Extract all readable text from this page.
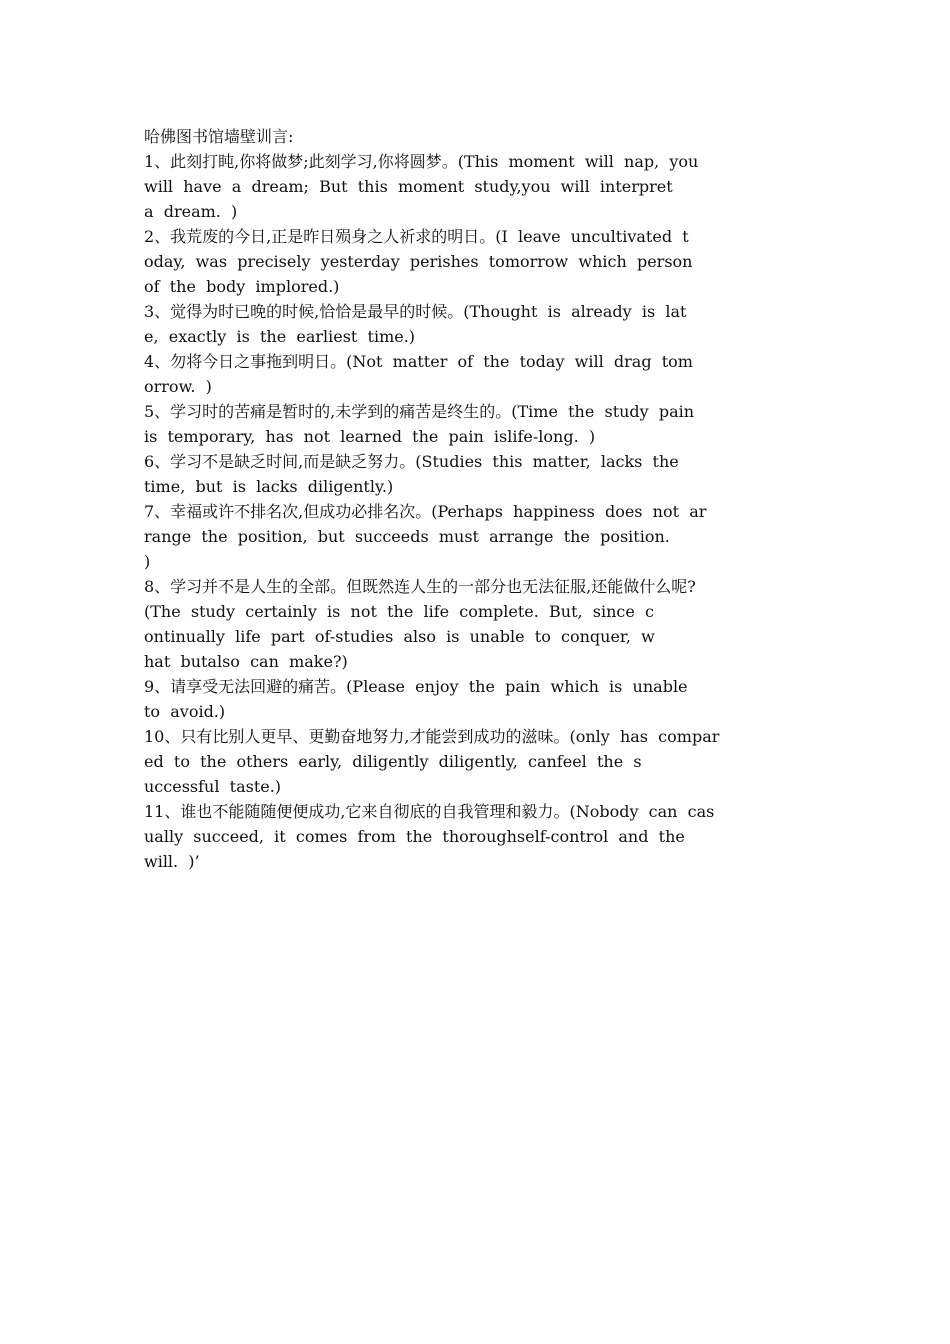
哈佛图书馆墙壁训言:
1、此刻打盹,你将做梦;此刻学习,你将圆梦。(This  moment  will  nap,  you
will  have  a  dream;  But  this  moment  study,you  will  interpret
a  dream.  )
2、我荒废的今日,正是昨日殒身之人祈求的明日。(I  leave  uncultivated  t
oday,  was  precisely  yesterday  perishes  tomorrow  which  person
of  the  body  implored.)
3、觉得为时已晚的时候,恰恰是最早的时候。(Thought  is  already  is  lat
e,  exactly  is  the  earliest  time.)
4、勿将今日之事拖到明日。(Not  matter  of  the  today  will  drag  tom
orrow.  )
5、学习时的苦痛是暂时的,未学到的痛苦是终生的。(Time  the  study  pain
is  temporary,  has  not  learned  the  pain  islife-long.  )
6、学习不是缺乏时间,而是缺乏努力。(Studies  this  matter,  lacks  the
time,  but  is  lacks  diligently.)
7、幸福或许不排名次,但成功必排名次。(Perhaps  happiness  does  not  ar
range  the  position,  but  succeeds  must  arrange  the  position.
)
8、学习并不是人生的全部。但既然连人生的一部分也无法征服,还能做什么呢?
(The  study  certainly  is  not  the  life  complete.  But,  since  c
ontinually  life  part  of-studies  also  is  unable  to  conquer,  w
hat  butalso  can  make?)
9、请享受无法回避的痛苦。(Please  enjoy  the  pain  which  is  unable
to  avoid.)
10、只有比别人更早、更勤奋地努力,才能尝到成功的滋味。(only  has  compar
ed  to  the  others  early,  diligently  diligently,  canfeel  the  s
uccessful  taste.)
11、谁也不能随随便便成功,它来自彻底的自我管理和毅力。(Nobody  can  cas
ually  succeed,  it  comes  from  the  thoroughself-control  and  the
will.  )’
